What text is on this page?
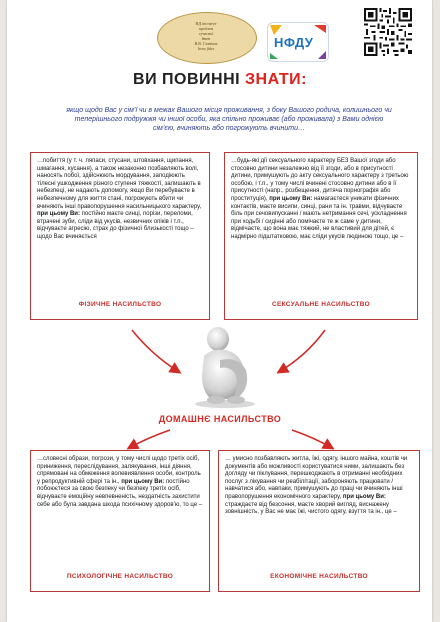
НД інститут
проблем
сучасної
ймен
В.В. Станішк
bono fides	НФДУ
ВИ ПОВИННІ ЗНАТИ:
якщо щодо Вас у сім’ї чи в межах Вашого місця проживання, з боку Вашого родича, колишнього чи теперішнього подружжя чи іншої особи, яка спільно проживає (або проживала) з Вами однією сім’єю, вчиняють або погрожують вчинити…
…побиття (у т. ч. ляпаси, стусани, штовхання, щипання, шмагання, кусання), а також незаконно позбавляють волі, наносять побої, здійснюють мордування, заподіюють тілесні ушкодження різного ступеня тяжкості, залишають в небезпеці, не надають допомогу, якщо Ви перебуваєте в небезпечному для життя стані, погрожують вбити чи вчиняють інші правопорушення насильницького характеру, при цьому Ви: постійно маєте синці, порізи, переломи, втрачені зуби, сліди від укусів, незвичних опіків і т.п., відчуваєте агресію, страх до фізичної близькості тощо – щодо Вас вчиняється
ФІЗИЧНЕ НАСИЛЬСТВО
…будь-які дії сексуального характеру БЕЗ Вашої згоди або стосовно дитини незалежно від її згоди, або в присутності дитини, примушують до акту сексуального характеру з третьою особою, і т.п., у тому числі вчинені стосовно дитини або в її присутності (напр., розбещення, дитяча порнографія або проституція), при цьому Ви: намагаєтеся уникати фізичних контактів, маєте висипи, синці, рани та ін. травми, відчуваєте біль при сечовипусканні / мають нетримання сечі, ускладнення при ходьбі / сидінні або помічаєте те ж саме у дитини, відмічаєте, що вона має тяжкий, не властивий для дітей, є надмірно підштатковою, має сліди укусів людиною тощо, це –
СЕКСУАЛЬНЕ НАСИЛЬСТВО
ДОМАШНЄ НАСИЛЬСТВО
…словесні образи, погрози, у тому числі щодо третіх осіб, приниження, переслідування, залякування, інші діяння, спрямовані на обмеження волевиявлення особи, контроль у репродуктивній сфері та ін., при цьому Ви: постійно побоюєтеся за свою безпеку чи безпеку третіх осіб, відчуваєте емоційну невпевненість, нездатність захистити себе або була завдана шкода психічному здоров’ю, то це –
ПСИХОЛОГІЧНЕ НАСИЛЬСТВО
… умисно позбавляють житла, їжі, одягу, іншого майна, коштів чи документів або можливості користуватися ними, залишають без догляду чи піклування, перешкоджають в отриманні необхідних послуг з лікування чи реабілітації, забороняють працювати / навчатися або, навпаки, примушують до праці чи вчиняють інші правопорушення економічного характеру, при цьому Ви: страждаєте від безсоння, маєте хворий вигляд, виснажену зовнішність, у Вас не має їжі, чистого одягу, взуття та ін., це –
ЕКОНОМІЧНЕ НАСИЛЬСТВО
